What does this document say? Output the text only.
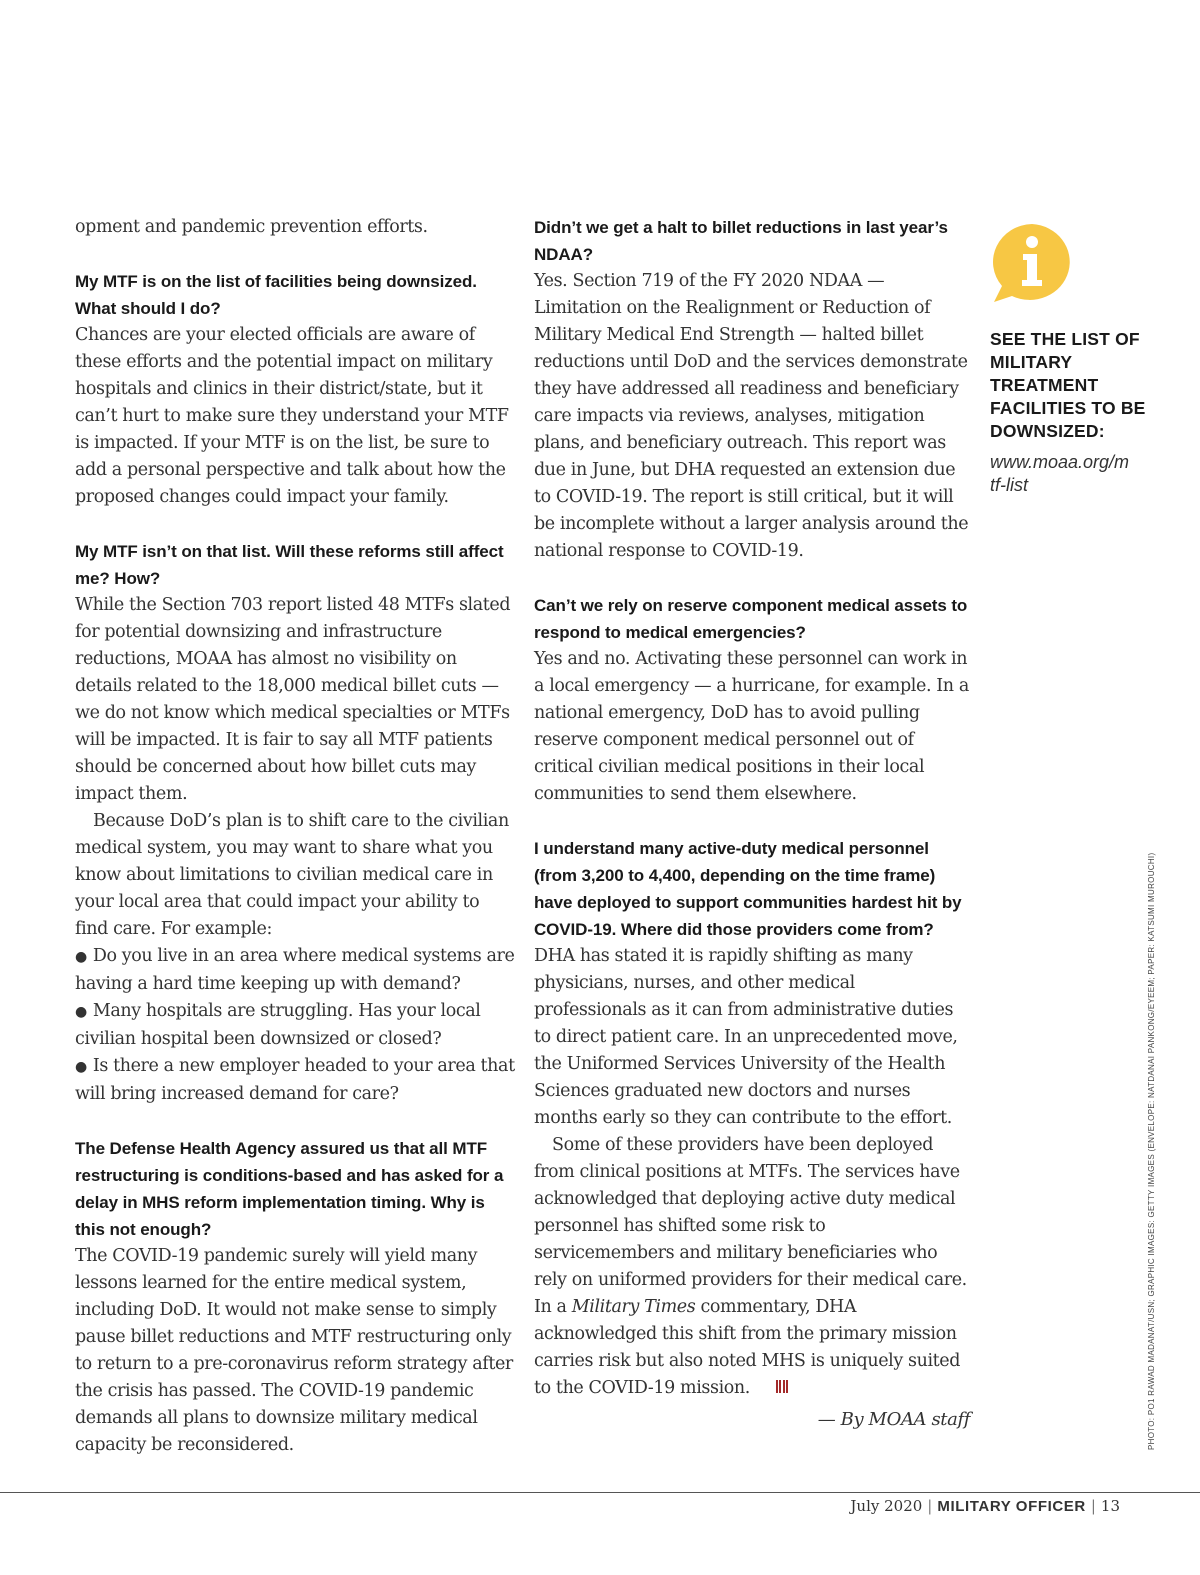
opment and pandemic prevention efforts.

My MTF is on the list of facilities being downsized. What should I do?

Chances are your elected officials are aware of these efforts and the potential impact on military hospitals and clinics in their district/state, but it can’t hurt to make sure they understand your MTF is impacted. If your MTF is on the list, be sure to add a personal perspective and talk about how the proposed changes could impact your family.

My MTF isn’t on that list. Will these reforms still affect me? How?

While the Section 703 report listed 48 MTFs slated for potential downsizing and infrastructure reductions, MOAA has almost no visibility on details related to the 18,000 medical billet cuts — we do not know which medical specialties or MTFs will be impacted. It is fair to say all MTF patients should be concerned about how billet cuts may impact them.

Because DoD’s plan is to shift care to the civilian medical system, you may want to share what you know about limitations to civilian medical care in your local area that could impact your ability to find care. For example:

● Do you live in an area where medical systems are having a hard time keeping up with demand?

● Many hospitals are struggling. Has your local civilian hospital been downsized or closed?

● Is there a new employer headed to your area that will bring increased demand for care?

The Defense Health Agency assured us that all MTF restructuring is conditions-based and has asked for a delay in MHS reform implementation timing. Why is this not enough?

The COVID-19 pandemic surely will yield many lessons learned for the entire medical system, including DoD. It would not make sense to simply pause billet reductions and MTF restructuring only to return to a pre-coronavirus reform strategy after the crisis has passed. The COVID-19 pandemic demands all plans to downsize military medical capacity be reconsidered.

Didn’t we get a halt to billet reductions in last year’s NDAA?

Yes. Section 719 of the FY 2020 NDAA — Limitation on the Realignment or Reduction of Military Medical End Strength — halted billet reductions until DoD and the services demonstrate they have addressed all readiness and beneficiary care impacts via reviews, analyses, mitigation plans, and beneficiary outreach. This report was due in June, but DHA requested an extension due to COVID-19. The report is still critical, but it will be incomplete without a larger analysis around the national response to COVID-19.

Can’t we rely on reserve component medical assets to respond to medical emergencies?

Yes and no. Activating these personnel can work in a local emergency — a hurricane, for example. In a national emergency, DoD has to avoid pulling reserve component medical personnel out of critical civilian medical positions in their local communities to send them elsewhere.

I understand many active-duty medical personnel (from 3,200 to 4,400, depending on the time frame) have deployed to support communities hardest hit by COVID-19. Where did those providers come from?

DHA has stated it is rapidly shifting as many physicians, nurses, and other medical professionals as it can from administrative duties to direct patient care. In an unprecedented move, the Uniformed Services University of the Health Sciences graduated new doctors and nurses months early so they can contribute to the effort.

Some of these providers have been deployed from clinical positions at MTFs. The services have acknowledged that deploying active duty medical personnel has shifted some risk to servicemembers and military beneficiaries who rely on uniformed providers for their medical care. In a Military Times commentary, DHA acknowledged this shift from the primary mission carries risk but also noted MHS is uniquely suited to the COVID-19 mission.

— By MOAA staff

SEE THE LIST OF MILITARY TREATMENT FACILITIES TO BE DOWNSIZED:

www.moaa.org/mtf-list

PHOTO: PO1 RAWAD MADANAT/USN; GRAPHIC IMAGES: GETTY IMAGES (ENVELOPE: NATDANAI PANKONG/EYEEM; PAPER: KATSUMI MUROUCHI)
July 2020 | MILITARY OFFICER | 13
